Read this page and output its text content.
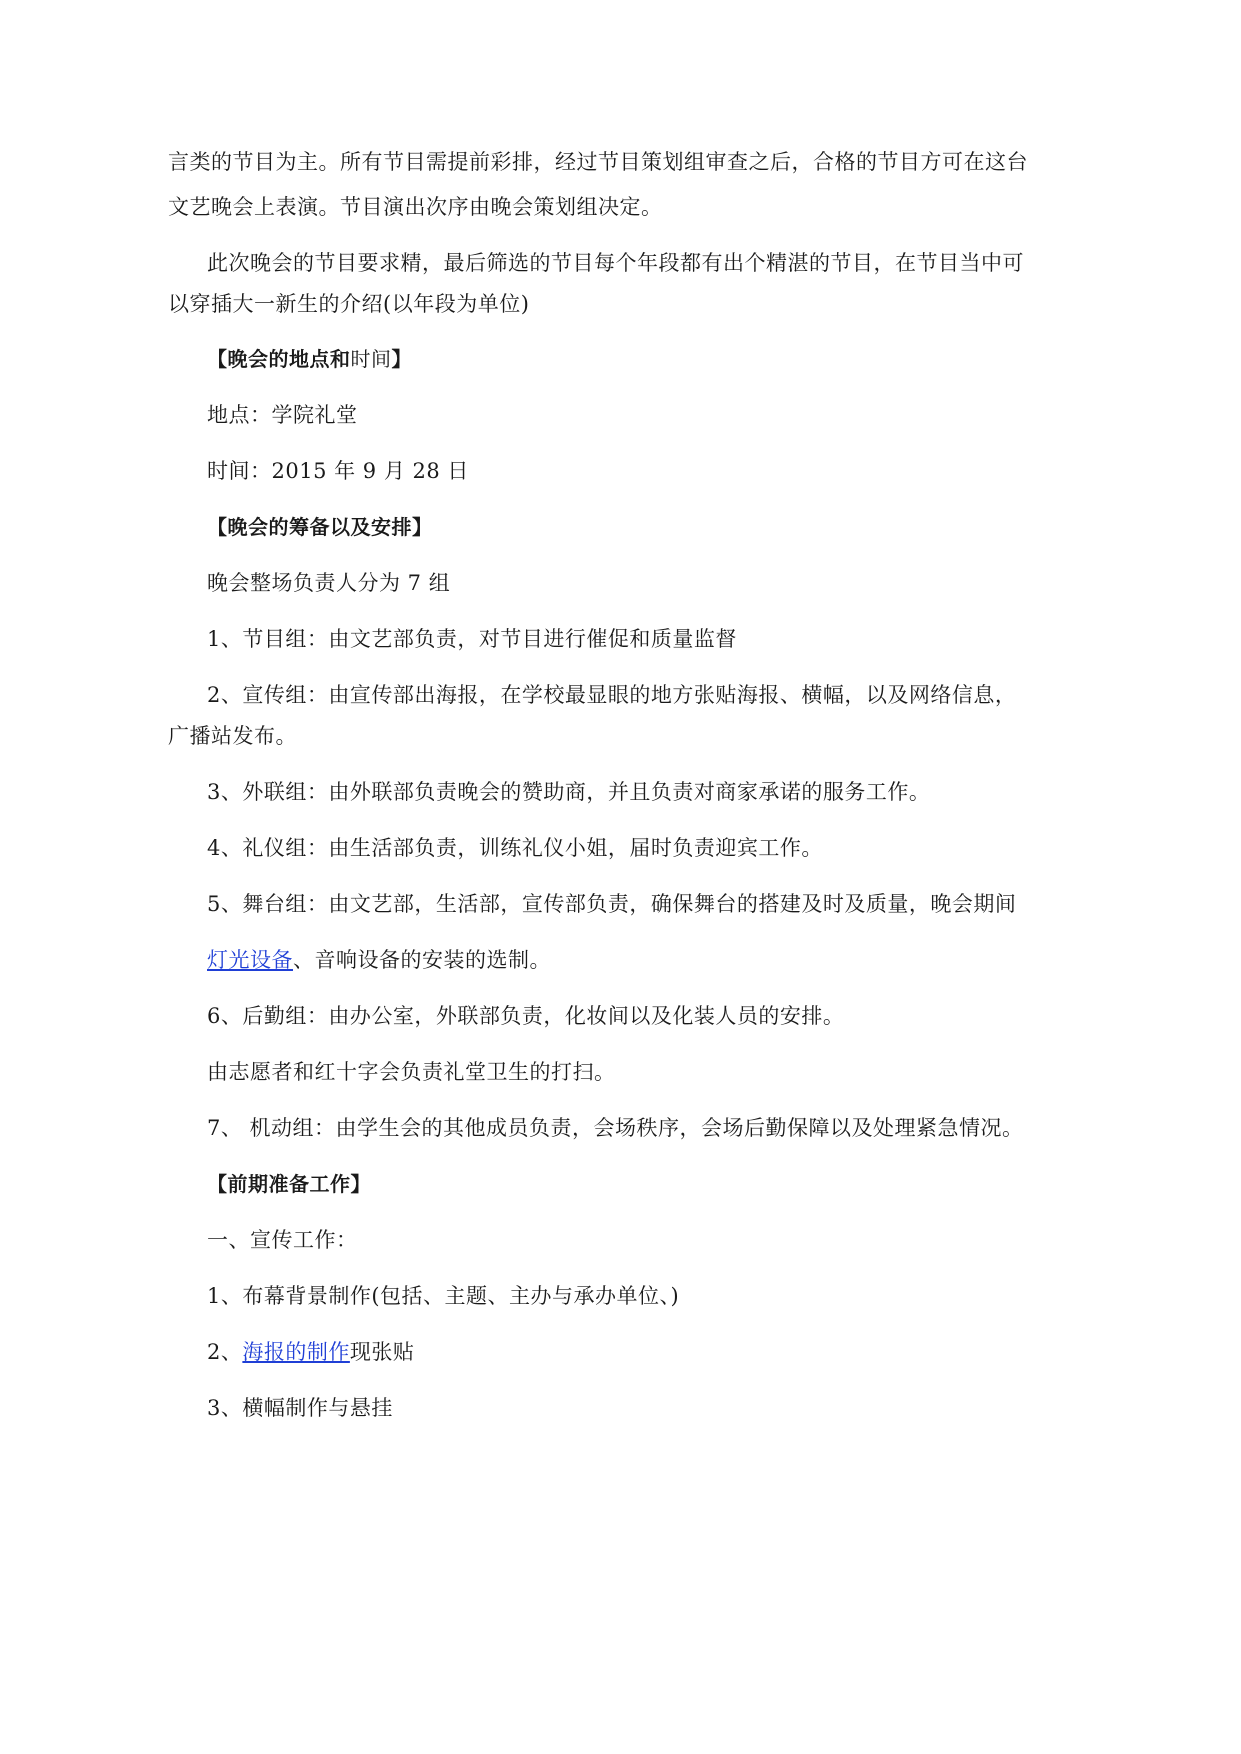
言类的节目为主。所有节目需提前彩排，经过节目策划组审查之后，合格的节目方可在这台
文艺晚会上表演。节目演出次序由晚会策划组决定。
此次晚会的节目要求精，最后筛选的节目每个年段都有出个精湛的节目，在节目当中可
以穿插大一新生的介绍(以年段为单位)
【晚会的地点和时间】
地点：学院礼堂
时间：2015 年 9 月 28 日
【晚会的筹备以及安排】
晚会整场负责人分为 7 组
1、节目组：由文艺部负责，对节目进行催促和质量监督
2、宣传组：由宣传部出海报，在学校最显眼的地方张贴海报、横幅，以及网络信息，
广播站发布。
3、外联组：由外联部负责晚会的赞助商，并且负责对商家承诺的服务工作。
4、礼仪组：由生活部负责，训练礼仪小姐，届时负责迎宾工作。
5、舞台组：由文艺部，生活部，宣传部负责，确保舞台的搭建及时及质量，晚会期间
灯光设备、音响设备的安装的选制。
6、后勤组：由办公室，外联部负责，化妆间以及化装人员的安排。
由志愿者和红十字会负责礼堂卫生的打扫。
7、 机动组：由学生会的其他成员负责，会场秩序，会场后勤保障以及处理紧急情况。
【前期准备工作】
一、宣传工作：
1、布幕背景制作(包括、主题、主办与承办单位、)
2、海报的制作现张贴
3、横幅制作与悬挂
